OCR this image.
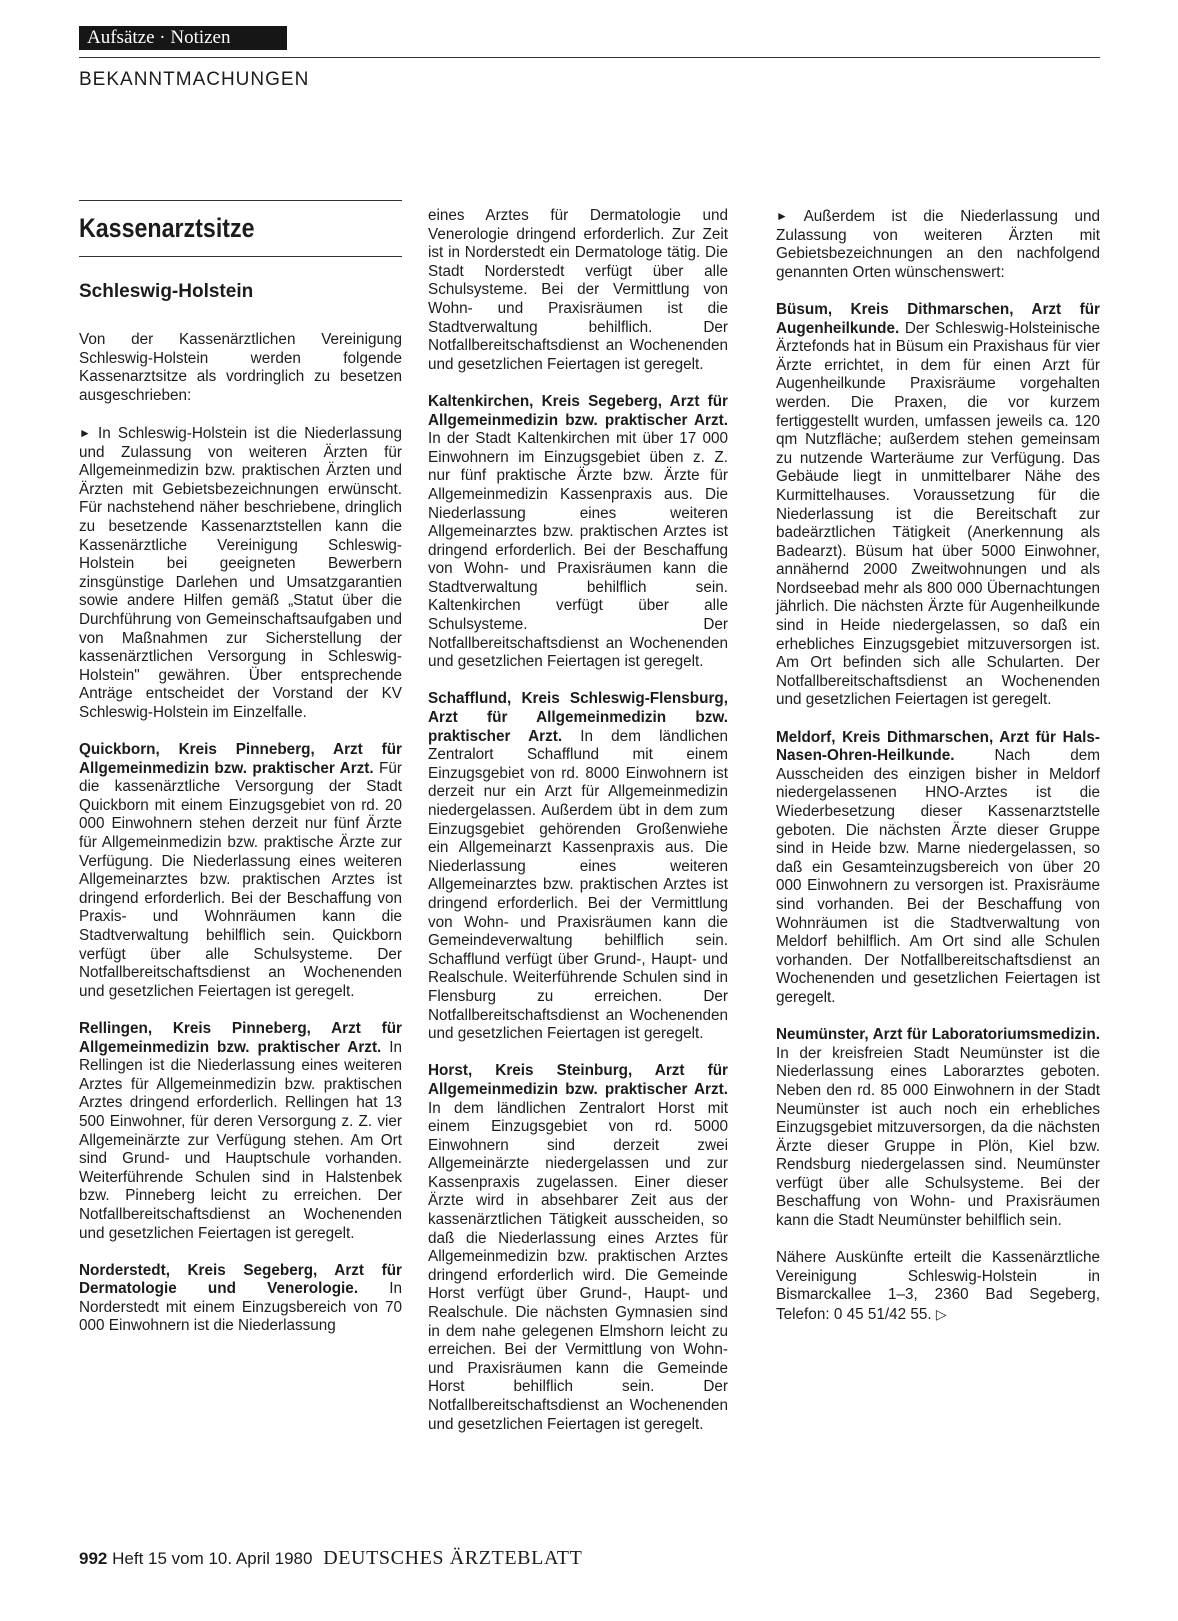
Aufsätze · Notizen
BEKANNTMACHUNGEN
Kassenarztsitze
Schleswig-Holstein

Von der Kassenärztlichen Vereinigung Schleswig-Holstein werden folgende Kassenarztsitze als vordringlich zu besetzen ausgeschrieben:

► In Schleswig-Holstein ist die Niederlassung und Zulassung von weiteren Ärzten für Allgemeinmedizin bzw. praktischen Ärzten und Ärzten mit Gebietsbezeichnungen erwünscht. Für nachstehend näher beschriebene, dringlich zu besetzende Kassenarztstellen kann die Kassenärztliche Vereinigung Schleswig-Holstein bei geeigneten Bewerbern zinsgünstige Darlehen und Umsatzgarantien sowie andere Hilfen gemäß „Statut über die Durchführung von Gemeinschaftsaufgaben und von Maßnahmen zur Sicherstellung der kassenärztlichen Versorgung in Schleswig-Holstein" gewähren. Über entsprechende Anträge entscheidet der Vorstand der KV Schleswig-Holstein im Einzelfalle.

Quickborn, Kreis Pinneberg, Arzt für Allgemeinmedizin bzw. praktischer Arzt. Für die kassenärztliche Versorgung der Stadt Quickborn mit einem Einzugsgebiet von rd. 20 000 Einwohnern stehen derzeit nur fünf Ärzte für Allgemeinmedizin bzw. praktische Ärzte zur Verfügung. Die Niederlassung eines weiteren Allgemeinarztes bzw. praktischen Arztes ist dringend erforderlich. Bei der Beschaffung von Praxis- und Wohnräumen kann die Stadtverwaltung behilflich sein. Quickborn verfügt über alle Schulsysteme. Der Notfallbereitschaftsdienst an Wochenenden und gesetzlichen Feiertagen ist geregelt.

Rellingen, Kreis Pinneberg, Arzt für Allgemeinmedizin bzw. praktischer Arzt. In Rellingen ist die Niederlassung eines weiteren Arztes für Allgemeinmedizin bzw. praktischen Arztes dringend erforderlich. Rellingen hat 13 500 Einwohner, für deren Versorgung z. Z. vier Allgemeinärzte zur Verfügung stehen. Am Ort sind Grund- und Hauptschule vorhanden. Weiterführende Schulen sind in Halstenbek bzw. Pinneberg leicht zu erreichen. Der Notfallbereitschaftsdienst an Wochenenden und gesetzlichen Feiertagen ist geregelt.

Norderstedt, Kreis Segeberg, Arzt für Dermatologie und Venerologie. In Norderstedt mit einem Einzugsbereich von 70 000 Einwohnern ist die Niederlassung

eines Arztes für Dermatologie und Venerologie dringend erforderlich. Zur Zeit ist in Norderstedt ein Dermatologe tätig. Die Stadt Norderstedt verfügt über alle Schulsysteme. Bei der Vermittlung von Wohn- und Praxisräumen ist die Stadtverwaltung behilflich. Der Notfallbereitschaftsdienst an Wochenenden und gesetzlichen Feiertagen ist geregelt.

Kaltenkirchen, Kreis Segeberg, Arzt für Allgemeinmedizin bzw. praktischer Arzt. In der Stadt Kaltenkirchen mit über 17 000 Einwohnern im Einzugsgebiet üben z. Z. nur fünf praktische Ärzte bzw. Ärzte für Allgemeinmedizin Kassenpraxis aus. Die Niederlassung eines weiteren Allgemeinarztes bzw. praktischen Arztes ist dringend erforderlich. Bei der Beschaffung von Wohn- und Praxisräumen kann die Stadtverwaltung behilflich sein. Kaltenkirchen verfügt über alle Schulsysteme. Der Notfallbereitschaftsdienst an Wochenenden und gesetzlichen Feiertagen ist geregelt.

Schafflund, Kreis Schleswig-Flensburg, Arzt für Allgemeinmedizin bzw. praktischer Arzt. In dem ländlichen Zentralort Schafflund mit einem Einzugsgebiet von rd. 8000 Einwohnern ist derzeit nur ein Arzt für Allgemeinmedizin niedergelassen. Außerdem übt in dem zum Einzugsgebiet gehörenden Großenwiehe ein Allgemeinarzt Kassenpraxis aus. Die Niederlassung eines weiteren Allgemeinarztes bzw. praktischen Arztes ist dringend erforderlich. Bei der Vermittlung von Wohn- und Praxisräumen kann die Gemeindeverwaltung behilflich sein. Schafflund verfügt über Grund-, Haupt- und Realschule. Weiterführende Schulen sind in Flensburg zu erreichen. Der Notfallbereitschaftsdienst an Wochenenden und gesetzlichen Feiertagen ist geregelt.

Horst, Kreis Steinburg, Arzt für Allgemeinmedizin bzw. praktischer Arzt. In dem ländlichen Zentralort Horst mit einem Einzugsgebiet von rd. 5000 Einwohnern sind derzeit zwei Allgemeinärzte niedergelassen und zur Kassenpraxis zugelassen. Einer dieser Ärzte wird in absehbarer Zeit aus der kassenärztlichen Tätigkeit ausscheiden, so daß die Niederlassung eines Arztes für Allgemeinmedizin bzw. praktischen Arztes dringend erforderlich wird. Die Gemeinde Horst verfügt über Grund-, Haupt- und Realschule. Die nächsten Gymnasien sind in dem nahe gelegenen Elmshorn leicht zu erreichen. Bei der Vermittlung von Wohn- und Praxisräumen kann die Gemeinde Horst behilflich sein. Der Notfallbereitschaftsdienst an Wochenenden und gesetzlichen Feiertagen ist geregelt.

► Außerdem ist die Niederlassung und Zulassung von weiteren Ärzten mit Gebietsbezeichnungen an den nachfolgend genannten Orten wünschenswert:

Büsum, Kreis Dithmarschen, Arzt für Augenheilkunde. Der Schleswig-Holsteinische Ärztefonds hat in Büsum ein Praxishaus für vier Ärzte errichtet, in dem für einen Arzt für Augenheilkunde Praxisräume vorgehalten werden. Die Praxen, die vor kurzem fertiggestellt wurden, umfassen jeweils ca. 120 qm Nutzfläche; außerdem stehen gemeinsam zu nutzende Warteräume zur Verfügung. Das Gebäude liegt in unmittelbarer Nähe des Kurmittelhauses. Voraussetzung für die Niederlassung ist die Bereitschaft zur badeärztlichen Tätigkeit (Anerkennung als Badearzt). Büsum hat über 5000 Einwohner, annähernd 2000 Zweitwohnungen und als Nordseebad mehr als 800 000 Übernachtungen jährlich. Die nächsten Ärzte für Augenheilkunde sind in Heide niedergelassen, so daß ein erhebliches Einzugsgebiet mitzuversorgen ist. Am Ort befinden sich alle Schularten. Der Notfallbereitschaftsdienst an Wochenenden und gesetzlichen Feiertagen ist geregelt.

Meldorf, Kreis Dithmarschen, Arzt für Hals-Nasen-Ohren-Heilkunde.	Nach dem Ausscheiden des einzigen bisher in Meldorf niedergelassenen HNO-Arztes ist die Wiederbesetzung dieser Kassenarztstelle geboten. Die nächsten Ärzte dieser Gruppe sind in Heide bzw. Marne niedergelassen, so daß ein Gesamteinzugsbereich von über 20 000 Einwohnern zu versorgen ist. Praxisräume sind vorhanden. Bei der Beschaffung von Wohnräumen ist die Stadtverwaltung von Meldorf behilflich. Am Ort sind alle Schulen vorhanden. Der Notfallbereitschaftsdienst an Wochenenden und gesetzlichen Feiertagen ist geregelt.

Neumünster, Arzt für Laboratoriumsmedizin. In der kreisfreien Stadt Neumünster ist die Niederlassung eines Laborarztes geboten. Neben den rd. 85 000 Einwohnern in der Stadt Neumünster ist auch noch ein erhebliches Einzugsgebiet mitzuversorgen, da die nächsten Ärzte dieser Gruppe in Plön, Kiel bzw. Rendsburg niedergelassen sind. Neumünster verfügt über alle Schulsysteme. Bei der Beschaffung von Wohn- und Praxisräumen kann die Stadt Neumünster behilflich sein.

Nähere Auskünfte erteilt die Kassenärztliche Vereinigung Schleswig-Holstein in Bismarckallee 1–3, 2360 Bad Segeberg, Telefon: 0 45 51/42 55. ▷

992 Heft 15 vom 10. April 1980 DEUTSCHES ÄRZTEBLATT
